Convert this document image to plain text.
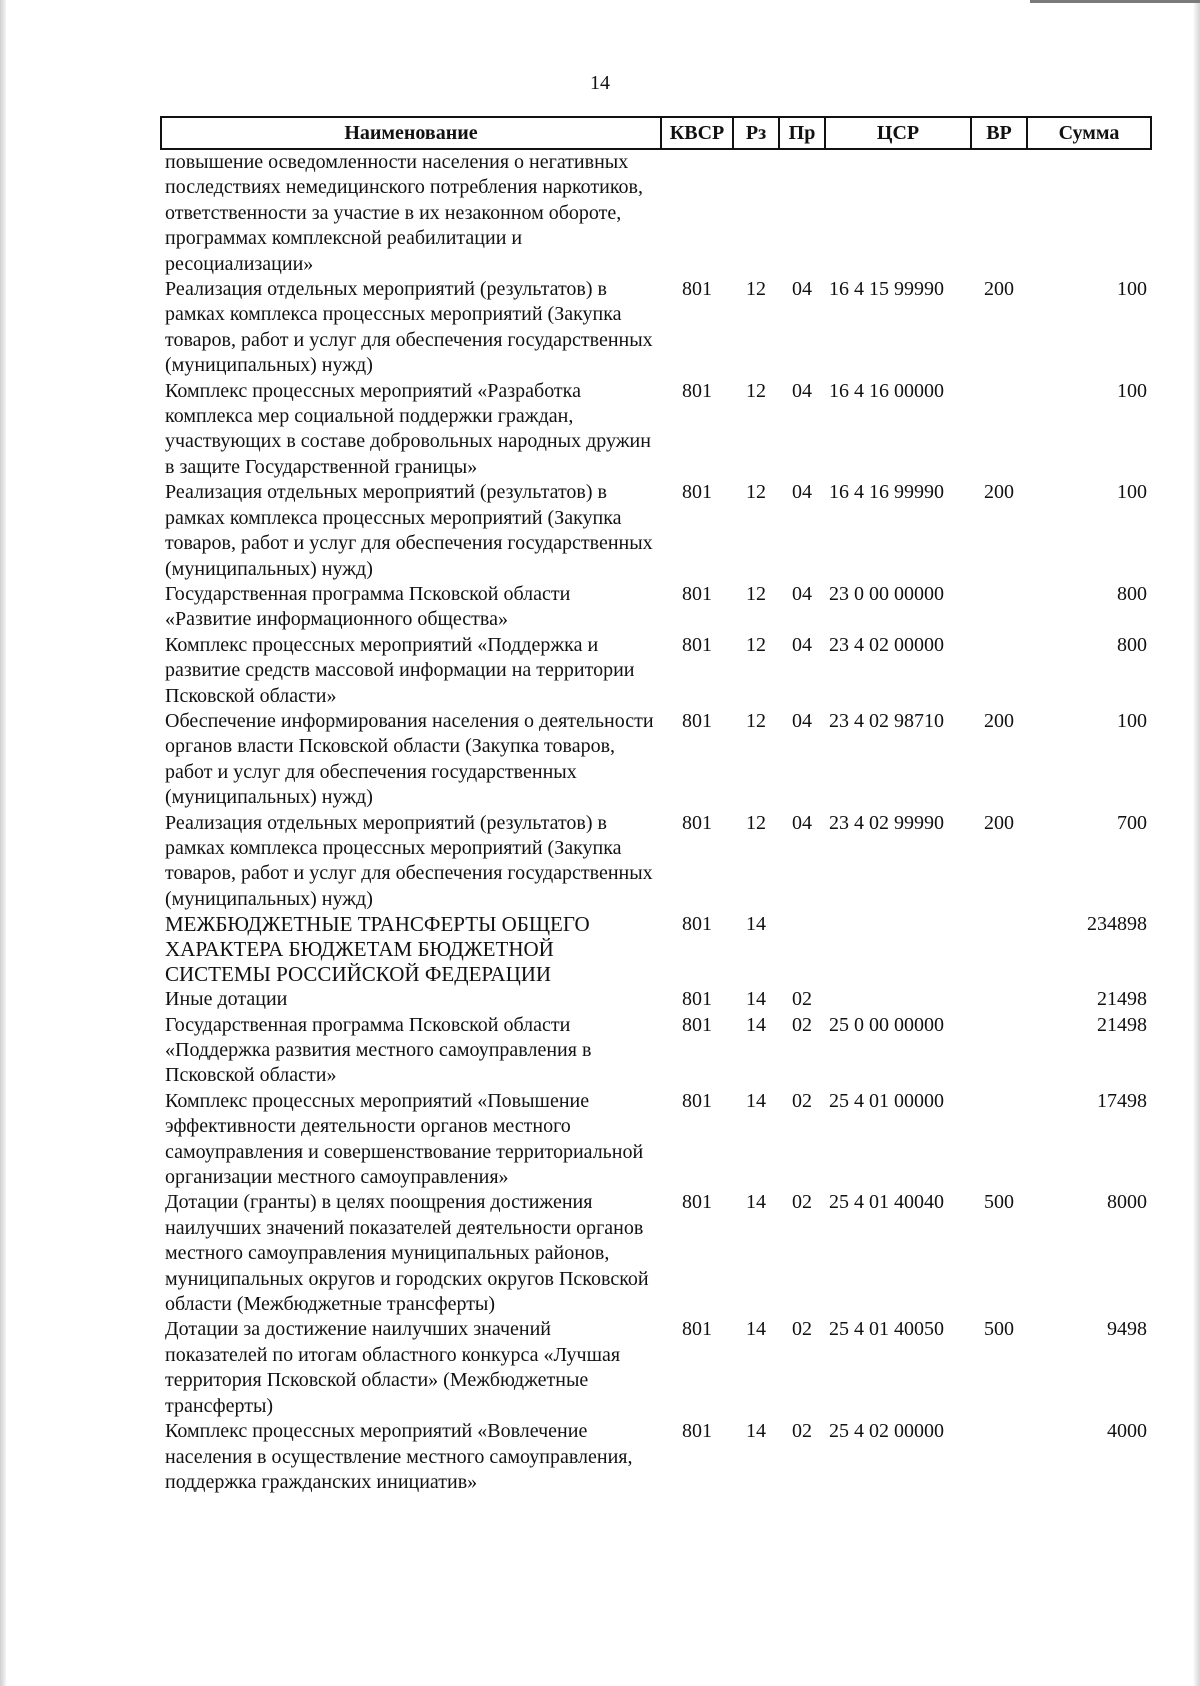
14
Наименование	КВСР	Рз	Пр	ЦСР	ВР	Сумма
повышение осведомленности населения о негативных последствиях немедицинского потребления наркотиков, ответственности за участие в их незаконном обороте, программах комплексной реабилитации и ресоциализации»						
Реализация отдельных мероприятий (результатов) в рамках комплекса процессных мероприятий (Закупка товаров, работ и услуг для обеспечения государственных (муниципальных) нужд)	801	12	04	16 4 15 99990	200	100
Комплекс процессных мероприятий «Разработка комплекса мер социальной поддержки граждан, участвующих в составе добровольных народных дружин в защите Государственной границы»	801	12	04	16 4 16 00000		100
Реализация отдельных мероприятий (результатов) в рамках комплекса процессных мероприятий (Закупка товаров, работ и услуг для обеспечения государственных (муниципальных) нужд)	801	12	04	16 4 16 99990	200	100
Государственная программа Псковской области «Развитие информационного общества»	801	12	04	23 0 00 00000		800
Комплекс процессных мероприятий «Поддержка и развитие средств массовой информации на территории Псковской области»	801	12	04	23 4 02 00000		800
Обеспечение информирования населения о деятельности органов власти Псковской области (Закупка товаров, работ и услуг для обеспечения государственных (муниципальных) нужд)	801	12	04	23 4 02 98710	200	100
Реализация отдельных мероприятий (результатов) в рамках комплекса процессных мероприятий (Закупка товаров, работ и услуг для обеспечения государственных (муниципальных) нужд)	801	12	04	23 4 02 99990	200	700
МЕЖБЮДЖЕТНЫЕ ТРАНСФЕРТЫ ОБЩЕГО ХАРАКТЕРА БЮДЖЕТАМ БЮДЖЕТНОЙ СИСТЕМЫ РОССИЙСКОЙ ФЕДЕРАЦИИ	801	14				234898
Иные дотации	801	14	02			21498
Государственная программа Псковской области «Поддержка развития местного самоуправления в Псковской области»	801	14	02	25 0 00 00000		21498
Комплекс процессных мероприятий «Повышение эффективности деятельности органов местного самоуправления и совершенствование территориальной организации местного самоуправления»	801	14	02	25 4 01 00000		17498
Дотации (гранты) в целях поощрения достижения наилучших значений показателей деятельности органов местного самоуправления муниципальных районов, муниципальных округов и городских округов Псковской области (Межбюджетные трансферты)	801	14	02	25 4 01 40040	500	8000
Дотации за достижение наилучших значений показателей по итогам областного конкурса «Лучшая территория Псковской области» (Межбюджетные трансферты)	801	14	02	25 4 01 40050	500	9498
Комплекс процессных мероприятий «Вовлечение населения в осуществление местного самоуправления, поддержка гражданских инициатив»	801	14	02	25 4 02 00000		4000
